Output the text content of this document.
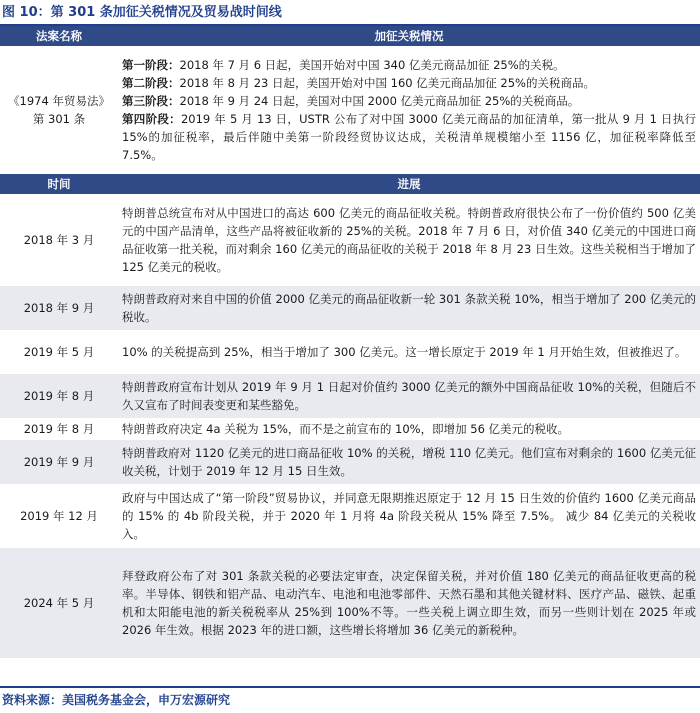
图 10：第 301 条加征关税情况及贸易战时间线
法案名称	加征关税情况
《1974 年贸易法》第 301 条	第一阶段：2018 年 7 月 6 日起，美国开始对中国 340 亿美元商品加征 25%的关税。
第二阶段：2018 年 8 月 23 日起，美国开始对中国 160 亿美元商品加征 25%的关税商品。
第三阶段：2018 年 9 月 24 日起，美国对中国 2000 亿美元商品加征 25%的关税商品。
第四阶段：2019 年 5 月 13 日，USTR 公布了对中国 3000 亿美元商品的加征清单，第一批从 9 月 1 日执行 15%的加征税率，最后伴随中美第一阶段经贸协议达成，关税清单规模缩小至 1156 亿，加征税率降低至 7.5%。

时间	进展
2018 年 3 月	特朗普总统宣布对从中国进口的高达 600 亿美元的商品征收关税。特朗普政府很快公布了一份价值约 500 亿美元的中国产品清单，这些产品将被征收新的 25%的关税。2018 年 7 月 6 日，对价值 340 亿美元的中国进口商品征收第一批关税，而对剩余 160 亿美元的商品征收的关税于 2018 年 8 月 23 日生效。这些关税相当于增加了 125 亿美元的税收。
2018 年 9 月	特朗普政府对来自中国的价值 2000 亿美元的商品征收新一轮 301 条款关税 10%，相当于增加了 200 亿美元的税收。
2019 年 5 月	10% 的关税提高到 25%，相当于增加了 300 亿美元。这一增长原定于 2019 年 1 月开始生效，但被推迟了。
2019 年 8 月	特朗普政府宣布计划从 2019 年 9 月 1 日起对价值约 3000 亿美元的额外中国商品征收 10%的关税，但随后不久又宣布了时间表变更和某些豁免。
2019 年 8 月	特朗普政府决定 4a 关税为 15%，而不是之前宣布的 10%，即增加 56 亿美元的税收。
2019 年 9 月	特朗普政府对 1120 亿美元的进口商品征收 10% 的关税，增税 110 亿美元。他们宣布对剩余的 1600 亿美元征收关税，计划于 2019 年 12 月 15 日生效。
2019 年 12 月	政府与中国达成了“第一阶段”贸易协议，并同意无限期推迟原定于 12 月 15 日生效的价值约 1600 亿美元商品的 15% 的 4b 阶段关税，并于 2020 年 1 月将 4a 阶段关税从 15% 降至 7.5%。 减少 84 亿美元的关税收入。
2024 年 5 月	拜登政府公布了对 301 条款关税的必要法定审查，决定保留关税，并对价值 180 亿美元的商品征收更高的税率。半导体、钢铁和铝产品、电动汽车、电池和电池零部件、天然石墨和其他关键材料、医疗产品、磁铁、起重机和太阳能电池的新关税税率从 25%到 100%不等。一些关税上调立即生效，而另一些则计划在 2025 年或 2026 年生效。根据 2023 年的进口额，这些增长将增加 36 亿美元的新税种。
资料来源：美国税务基金会，申万宏源研究
